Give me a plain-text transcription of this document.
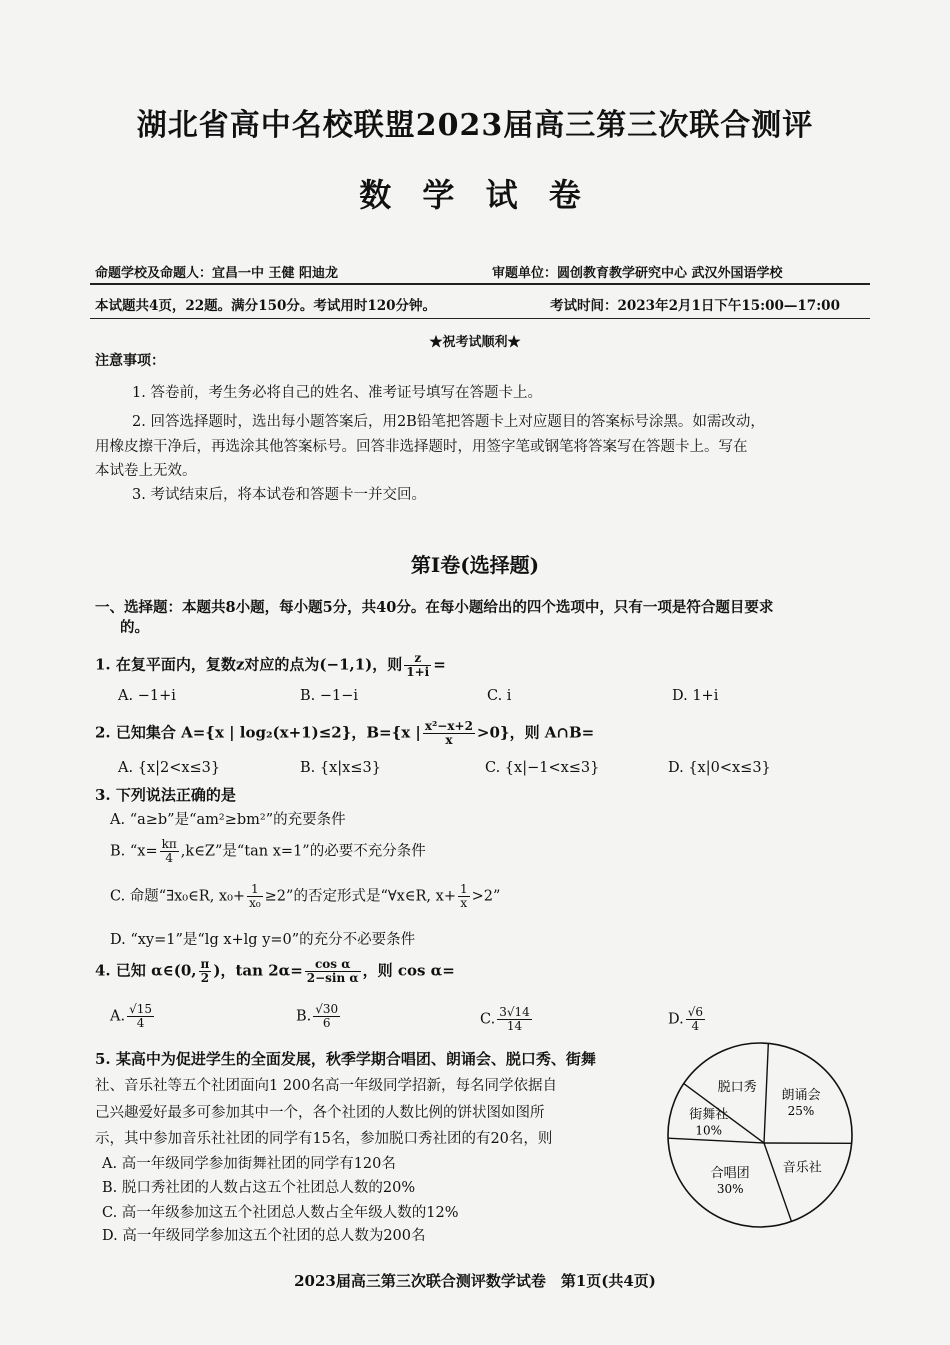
湖北省高中名校联盟2023届高三第三次联合测评
数 学 试 卷
命题学校及命题人：宜昌一中 王健 阳迪龙	审题单位：圆创教育教学研究中心 武汉外国语学校
本试题共4页，22题。满分150分。考试用时120分钟。	考试时间：2023年2月1日下午15:00—17:00
★祝考试顺利★
注意事项：
1. 答卷前，考生务必将自己的姓名、准考证号填写在答题卡上。
2. 回答选择题时，选出每小题答案后，用2B铅笔把答题卡上对应题目的答案标号涂黑。如需改动，
用橡皮擦干净后，再选涂其他答案标号。回答非选择题时，用签字笔或钢笔将答案写在答题卡上。写在
本试卷上无效。
3. 考试结束后，将本试卷和答题卡一并交回。
第Ⅰ卷(选择题)
一、选择题：本题共8小题，每小题5分，共40分。在每小题给出的四个选项中，只有一项是符合题目要求
的。
1. 在复平面内，复数z对应的点为(−1,1)，则 $\frac{z}{1+i}$ =
A. −1+i	B. −1−i	C. i	D. 1+i
2. 已知集合 A={x | log₂(x+1)≤2}，B={x | $\frac{\text{x²−x+2}}{x} >0$}，则 A∩B=
A. {x|2<x≤3}	B. {x|x≤3}	C. {x|−1<x≤3}	D. {x|0<x≤3}
3. 下列说法正确的是
A. “a≥b”是“am²≥bm²”的充要条件
B. “$x= \frac{k\pi}{4}$ ,k∈Z”是“tan x=1”的必要不充分条件
C. 命题“∃x₀∈R, $x_0+ \frac{1}{\text{x₀}} \ge 2$”的否定形式是“∀x∈R, $x+ \frac{1}{x} >2$”
D. “xy=1”是“lg x+lg y=0”的充分不必要条件
4. 已知 α∈(0, $\frac{\pi}{2}$ )，$\tan 2\alpha= \frac{\text{cos α}}{\text{2−sin α}}$ ，则 cos α=
A. $\frac{√15}{4}$	B. $\frac{√30}{6}$	C. $\frac{3√14}{14}$	D. $\frac{√6}{4}$
5. 某高中为促进学生的全面发展，秋季学期合唱团、朗诵会、脱口秀、街舞
社、音乐社等五个社团面向1 200名高一年级同学招新，每名同学依据自
己兴趣爱好最多可参加其中一个，各个社团的人数比例的饼状图如图所
示，其中参加音乐社社团的同学有15名，参加脱口秀社团的有20名，则
A. 高一年级同学参加街舞社团的同学有120名
B. 脱口秀社团的人数占这五个社团总人数的20%
C. 高一年级参加这五个社团总人数占全年级人数的12%
D. 高一年级同学参加这五个社团的总人数为200名
街舞社
10%
脱口秀
朗诵会
25%
音乐社
合唱团
30%
2023届高三第三次联合测评数学试卷　第1页(共4页)
